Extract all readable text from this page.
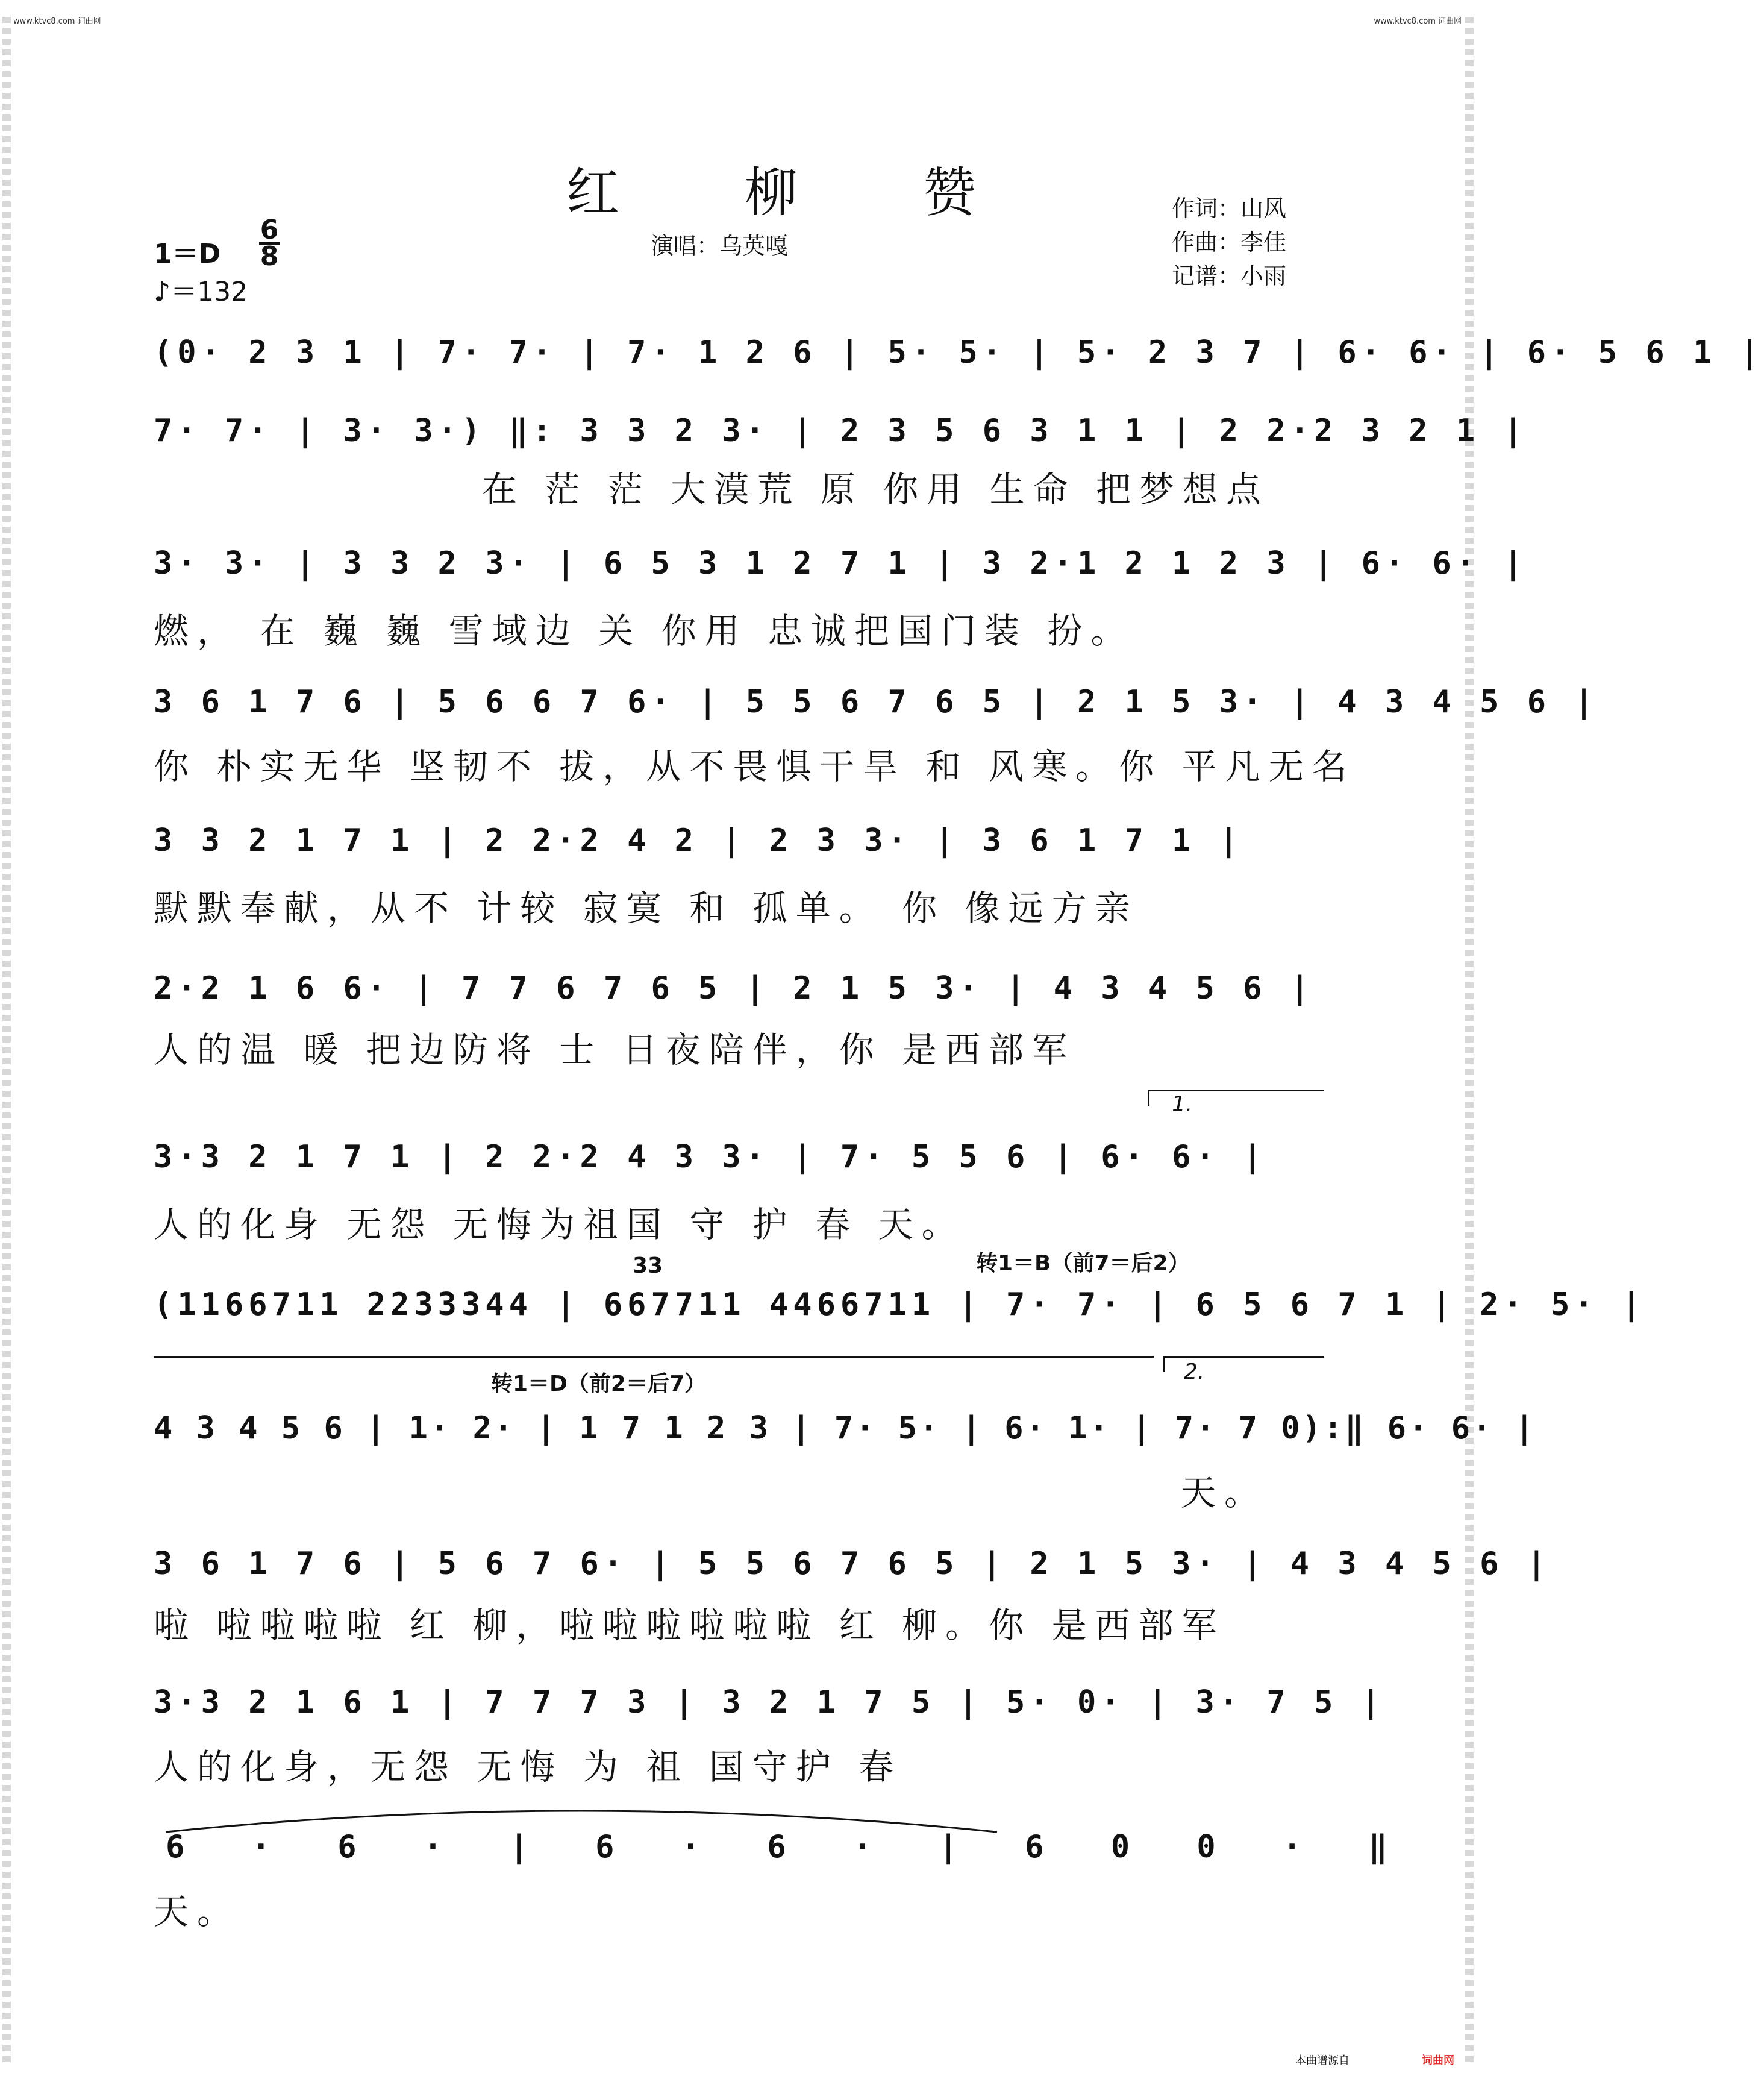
www.ktvc8.com 词曲网	www.ktvc8.com 词曲网
红　柳　赞	作词：山风
作曲：李佳
记谱：小雨
演唱：乌英嘎
1＝D
6
8
♪＝132
(0· 2 3 1 | 7· 7· | 7· 1 2 6 | 5· 5· | 5· 2 3 7 | 6· 6· | 6· 5 6 1 |
7· 7· | 3· 3·) ‖: 3 3 2 3· | 2 3 5 6 3 1 1 | 2 2·2 3 2 1 |
在 茫 茫 大漠荒 原 你用 生命 把梦想点
3· 3· | 3 3 2 3· | 6 5 3 1 2 7 1 | 3 2·1 2 1 2 3 | 6· 6· |
燃， 在 巍 巍 雪域边 关 你用 忠诚把国门装 扮。
3 6 1 7 6 | 5 6 6 7 6· | 5 5 6 7 6 5 | 2 1 5 3· | 4 3 4 5 6 |
你 朴实无华 坚韧不 拔，从不畏惧干旱 和 风寒。你 平凡无名
3 3 2 1 7 1 | 2 2·2 4 2 | 2 3 3· | 3 6 1 7 1 |
默默奉献，从不 计较 寂寞 和 孤单。 你 像远方亲
2·2 1 6 6· | 7 7 6 7 6 5 | 2 1 5 3· | 4 3 4 5 6 |
人的温 暖 把边防将 士 日夜陪伴，你 是西部军
1.
3·3 2 1 7 1 | 2 2·2 4 3 3· | 7· 5 5 6 | 6· 6· |
人的化身 无怨 无悔为祖国 守 护 春 天。
33	转1＝B（前7＝后2）
(1166711 2233344 | 667711 4466711 | 7· 7· | 6 5 6 7 1 | 2· 5· |
2.
转1＝D（前2＝后7）
4 3 4 5 6 | 1· 2· | 1 7 1 2 3 | 7· 5· | 6· 1· | 7· 7 0):‖ 6· 6· |
天。
3 6 1 7 6 | 5 6 7 6· | 5 5 6 7 6 5 | 2 1 5 3· | 4 3 4 5 6 |
啦 啦啦啦啦 红 柳，啦啦啦啦啦啦 红 柳。你 是西部军
3·3 2 1 6 1 | 7 7 7 3 | 3 2 1 7 5 | 5· 0· | 3· 7 5 |
人的化身，无怨 无悔 为 祖 国守护 春
6 · 6 · | 6 · 6 · | 6 0 0 · ‖
天。
本曲谱源自	词曲网
